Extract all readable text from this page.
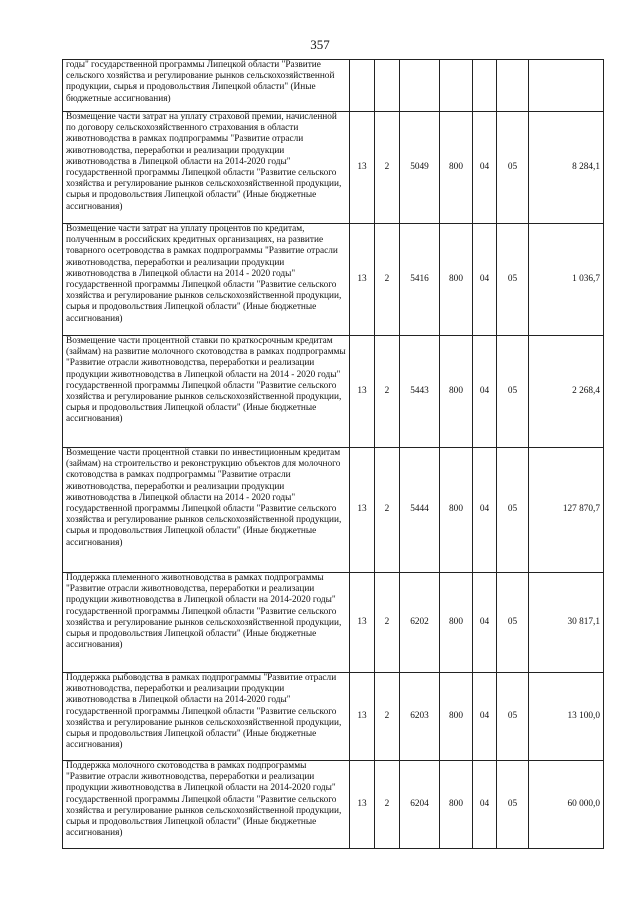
357
годы" государственной программы Липецкой области "Развитие сельского хозяйства и регулирование рынков сельскохозяйственной продукции, сырья и продовольствия Липецкой области" (Иные бюджетные ассигнования)							
Возмещение части затрат на уплату страховой премии, начисленной по договору сельскохозяйственного страхования в области животноводства в рамках подпрограммы "Развитие отрасли животноводства, переработки и реализации продукции животноводства в Липецкой области на 2014-2020 годы" государственной программы Липецкой области "Развитие сельского хозяйства и регулирование рынков сельскохозяйственной продукции, сырья и продовольствия Липецкой области" (Иные бюджетные ассигнования)	13	2	5049	800	04	05	8 284,1
Возмещение части затрат на уплату процентов по кредитам, полученным в российских кредитных организациях, на развитие товарного осетроводства в рамках подпрограммы "Развитие отрасли животноводства, переработки и реализации продукции животноводства в Липецкой области на 2014 - 2020 годы" государственной программы Липецкой области "Развитие сельского хозяйства и регулирование рынков сельскохозяйственной продукции, сырья и продовольствия Липецкой области" (Иные бюджетные ассигнования)	13	2	5416	800	04	05	1 036,7
Возмещение части процентной ставки по краткосрочным кредитам (займам) на развитие молочного скотоводства в рамках подпрограммы "Развитие отрасли животноводства, переработки и реализации продукции животноводства в Липецкой области на 2014 - 2020 годы" государственной программы Липецкой области "Развитие сельского хозяйства и регулирование рынков сельскохозяйственной продукции, сырья и продовольствия Липецкой области" (Иные бюджетные ассигнования)	13	2	5443	800	04	05	2 268,4
Возмещение части процентной ставки по инвестиционным кредитам (займам) на строительство и реконструкцию объектов для молочного скотоводства в рамках подпрограммы "Развитие отрасли животноводства, переработки и реализации продукции животноводства в Липецкой области на 2014 - 2020 годы" государственной программы Липецкой области "Развитие сельского хозяйства и регулирование рынков сельскохозяйственной продукции, сырья и продовольствия Липецкой области" (Иные бюджетные ассигнования)	13	2	5444	800	04	05	127 870,7
Поддержка племенного животноводства в рамках подпрограммы "Развитие отрасли животноводства, переработки и реализации продукции животноводства в Липецкой области на 2014-2020 годы" государственной программы Липецкой области "Развитие сельского хозяйства и регулирование рынков сельскохозяйственной продукции, сырья и продовольствия Липецкой области" (Иные бюджетные ассигнования)	13	2	6202	800	04	05	30 817,1
Поддержка рыбоводства в рамках подпрограммы "Развитие отрасли животноводства, переработки и реализации продукции животноводства в Липецкой области на 2014-2020 годы" государственной программы Липецкой области "Развитие сельского хозяйства и регулирование рынков сельскохозяйственной продукции, сырья и продовольствия Липецкой области" (Иные бюджетные ассигнования)	13	2	6203	800	04	05	13 100,0
Поддержка молочного скотоводства в рамках подпрограммы "Развитие отрасли животноводства, переработки и реализации продукции животноводства в Липецкой области на 2014-2020 годы" государственной программы Липецкой области "Развитие сельского хозяйства и регулирование рынков сельскохозяйственной продукции, сырья и продовольствия Липецкой области" (Иные бюджетные ассигнования)	13	2	6204	800	04	05	60 000,0
